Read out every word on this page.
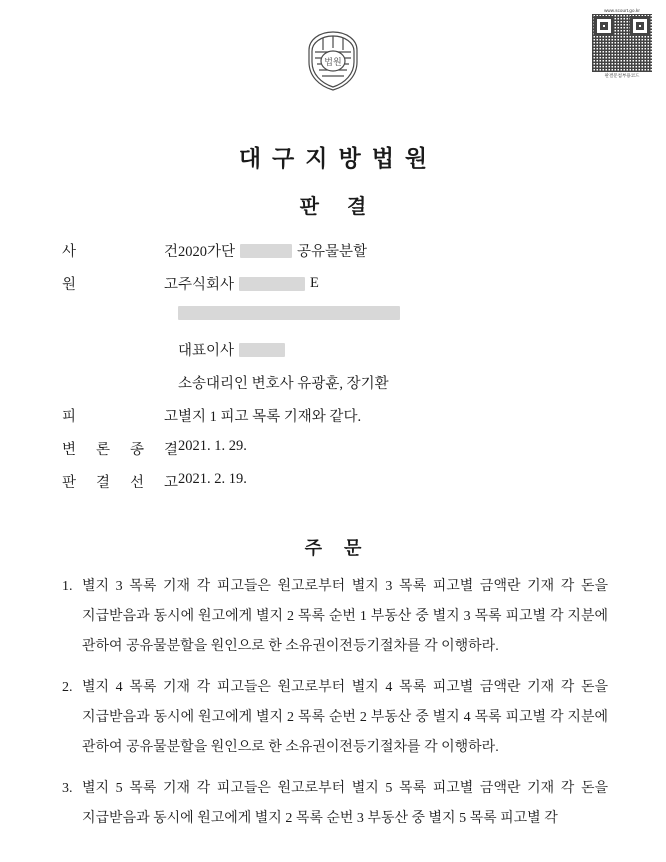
www.scourt.go.kr
판결문첨부용코드
법원
대구지방법원
판결
사	건 2020가단	공유물분할
원	고 주식회사	E
대표이사
소송대리인 변호사 유광훈, 장기환
피	고 별지 1 피고 목록 기재와 같다.
변 론 종 결 2021. 1. 29.
판 결 선 고 2021. 2. 19.
주문
1. 별지 3 목록 기재 각 피고들은 원고로부터 별지 3 목록 피고별 금액란 기재 각 돈을 지급받음과 동시에 원고에게 별지 2 목록 순번 1 부동산 중 별지 3 목록 피고별 각 지분에 관하여 공유물분할을 원인으로 한 소유권이전등기절차를 각 이행하라.
2. 별지 4 목록 기재 각 피고들은 원고로부터 별지 4 목록 피고별 금액란 기재 각 돈을 지급받음과 동시에 원고에게 별지 2 목록 순번 2 부동산 중 별지 4 목록 피고별 각 지분에 관하여 공유물분할을 원인으로 한 소유권이전등기절차를 각 이행하라.
3. 별지 5 목록 기재 각 피고들은 원고로부터 별지 5 목록 피고별 금액란 기재 각 돈을 지급받음과 동시에 원고에게 별지 2 목록 순번 3 부동산 중 별지 5 목록 피고별 각
